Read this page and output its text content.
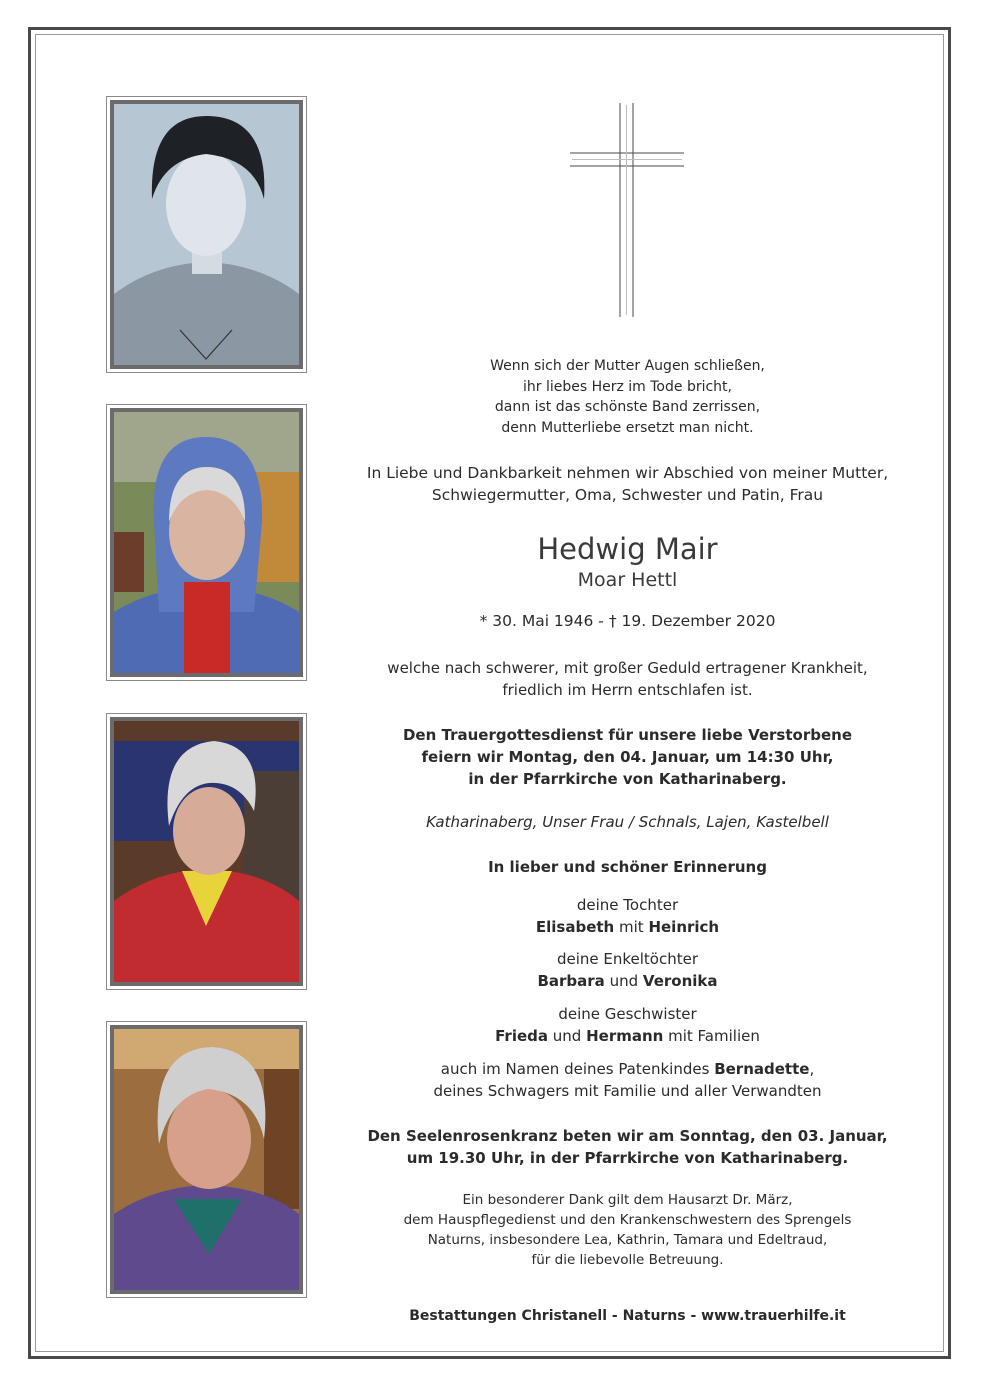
Wenn sich der Mutter Augen schließen,

ihr liebes Herz im Tode bricht,

dann ist das schönste Band zerrissen,

denn Mutterliebe ersetzt man nicht.

In Liebe und Dankbarkeit nehmen wir Abschied von meiner Mutter,

Schwiegermutter, Oma, Schwester und Patin, Frau

Hedwig Mair

Moar Hettl

* 30. Mai 1946 - † 19. Dezember 2020

welche nach schwerer, mit großer Geduld ertragener Krankheit,

friedlich im Herrn entschlafen ist.

Den Trauergottesdienst für unsere liebe Verstorbene

feiern wir Montag, den 04. Januar, um 14:30 Uhr,

in der Pfarrkirche von Katharinaberg.

Katharinaberg, Unser Frau / Schnals, Lajen, Kastelbell
In lieber und schöner Erinnerung

deine Tochter

Elisabeth mit Heinrich

deine Enkeltöchter

Barbara und Veronika

deine Geschwister

Frieda und Hermann mit Familien

auch im Namen deines Patenkindes Bernadette,

deines Schwagers mit Familie und aller Verwandten

Den Seelenrosenkranz beten wir am Sonntag, den 03. Januar,

um 19.30 Uhr, in der Pfarrkirche von Katharinaberg.

Ein besonderer Dank gilt dem Hausarzt Dr. März,

dem Hauspflegedienst und den Krankenschwestern des Sprengels

Naturns, insbesondere Lea, Kathrin, Tamara und Edeltraud,

für die liebevolle Betreuung.

Bestattungen Christanell - Naturns - www.trauerhilfe.it
